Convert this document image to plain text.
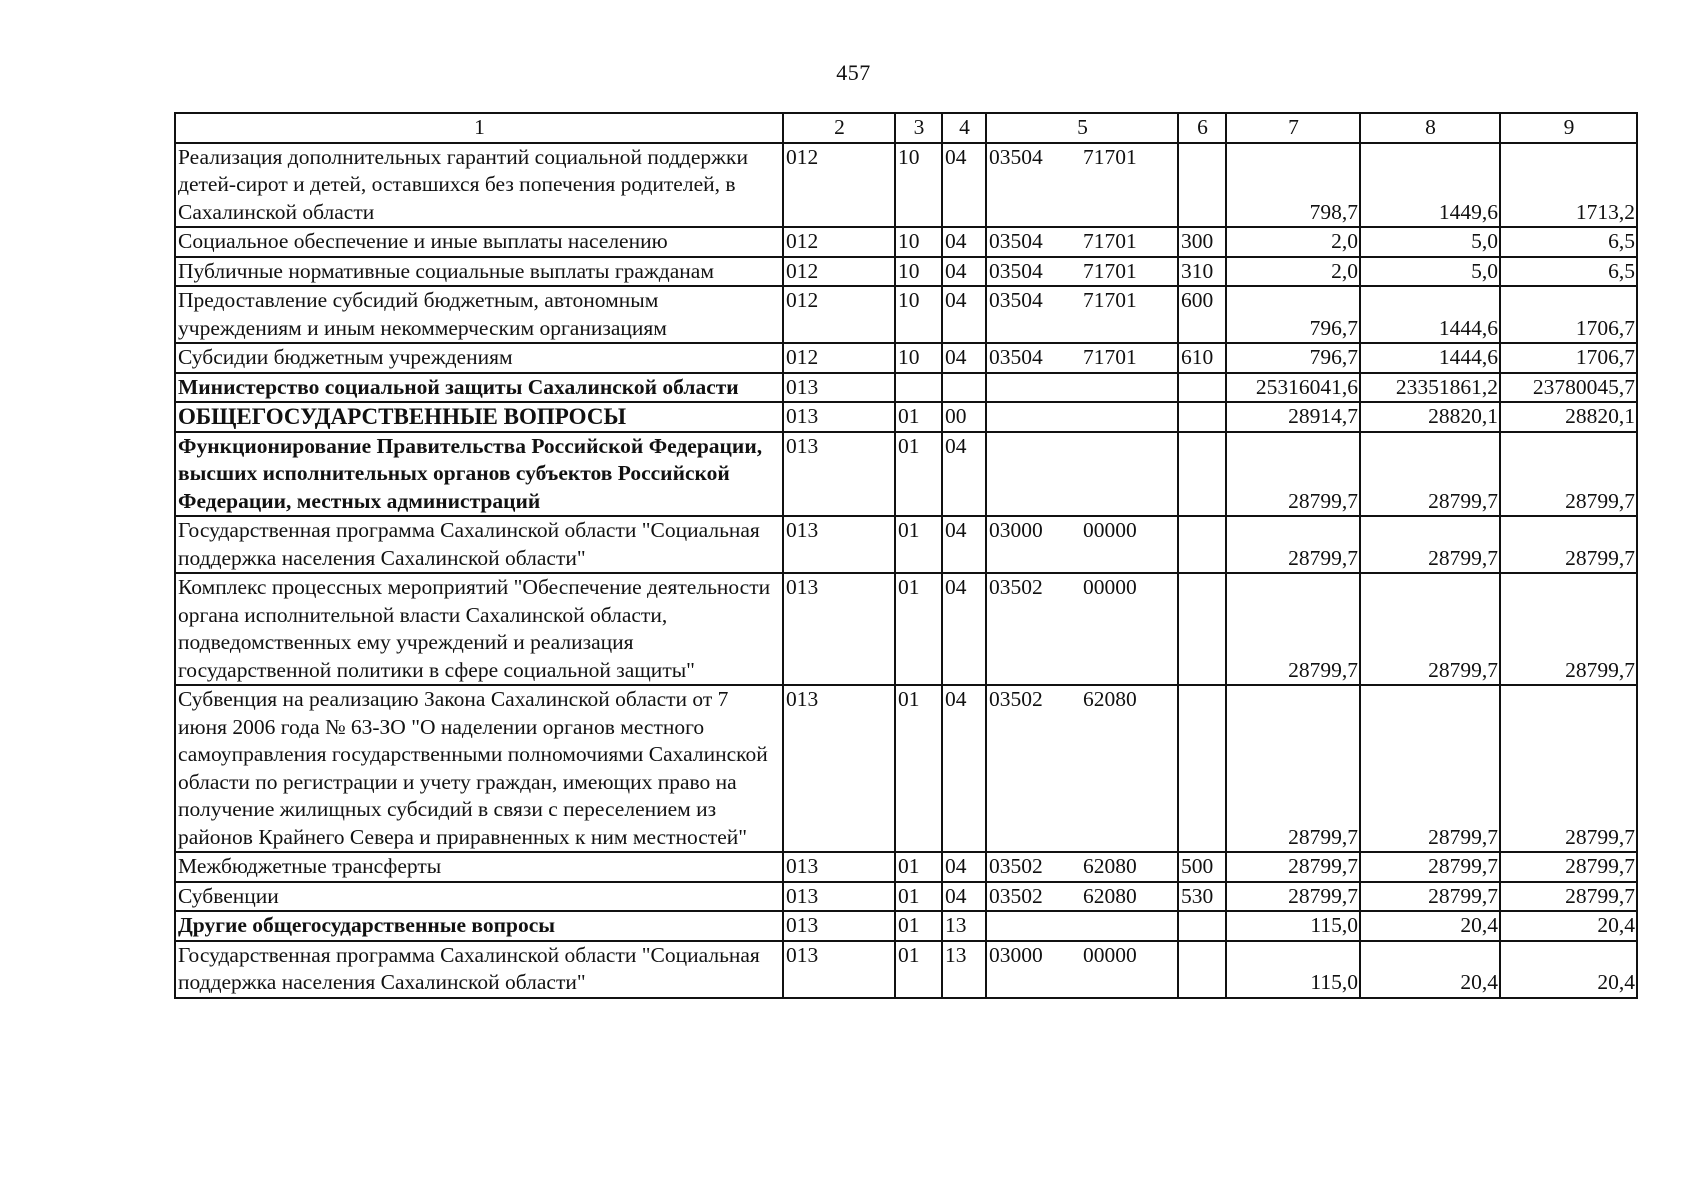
457
1	2	3	4	5	6	7	8	9
Реализация дополнительных гарантий социальной поддержки детей-сирот и детей, оставшихся без попечения родителей, в Сахалинской области	012	10	04	03504 71701		798,7	1449,6	1713,2
Социальное обеспечение и иные выплаты населению	012	10	04	03504 71701	300	2,0	5,0	6,5
Публичные нормативные социальные выплаты гражданам	012	10	04	03504 71701	310	2,0	5,0	6,5
Предоставление субсидий бюджетным, автономным учреждениям и иным некоммерческим организациям	012	10	04	03504 71701	600	796,7	1444,6	1706,7
Субсидии бюджетным учреждениям	012	10	04	03504 71701	610	796,7	1444,6	1706,7
Министерство социальной защиты Сахалинской области	013					25316041,6	23351861,2	23780045,7
ОБЩЕГОСУДАРСТВЕННЫЕ ВОПРОСЫ	013	01	00			28914,7	28820,1	28820,1
Функционирование Правительства Российской Федерации, высших исполнительных органов субъектов Российской Федерации, местных администраций	013	01	04			28799,7	28799,7	28799,7
Государственная программа Сахалинской области "Социальная поддержка населения Сахалинской области"	013	01	04	03000 00000		28799,7	28799,7	28799,7
Комплекс процессных мероприятий "Обеспечение деятельности органа исполнительной власти Сахалинской области, подведомственных ему учреждений и реализация государственной политики в сфере социальной защиты"	013	01	04	03502 00000		28799,7	28799,7	28799,7
Субвенция на реализацию Закона Сахалинской области от 7 июня 2006 года № 63-ЗО "О наделении органов местного самоуправления государственными полномочиями Сахалинской области по регистрации и учету граждан, имеющих право на получение жилищных субсидий в связи с переселением из районов Крайнего Севера и приравненных к ним местностей"	013	01	04	03502 62080		28799,7	28799,7	28799,7
Межбюджетные трансферты	013	01	04	03502 62080	500	28799,7	28799,7	28799,7
Субвенции	013	01	04	03502 62080	530	28799,7	28799,7	28799,7
Другие общегосударственные вопросы	013	01	13			115,0	20,4	20,4
Государственная программа Сахалинской области "Социальная поддержка населения Сахалинской области"	013	01	13	03000 00000		115,0	20,4	20,4
